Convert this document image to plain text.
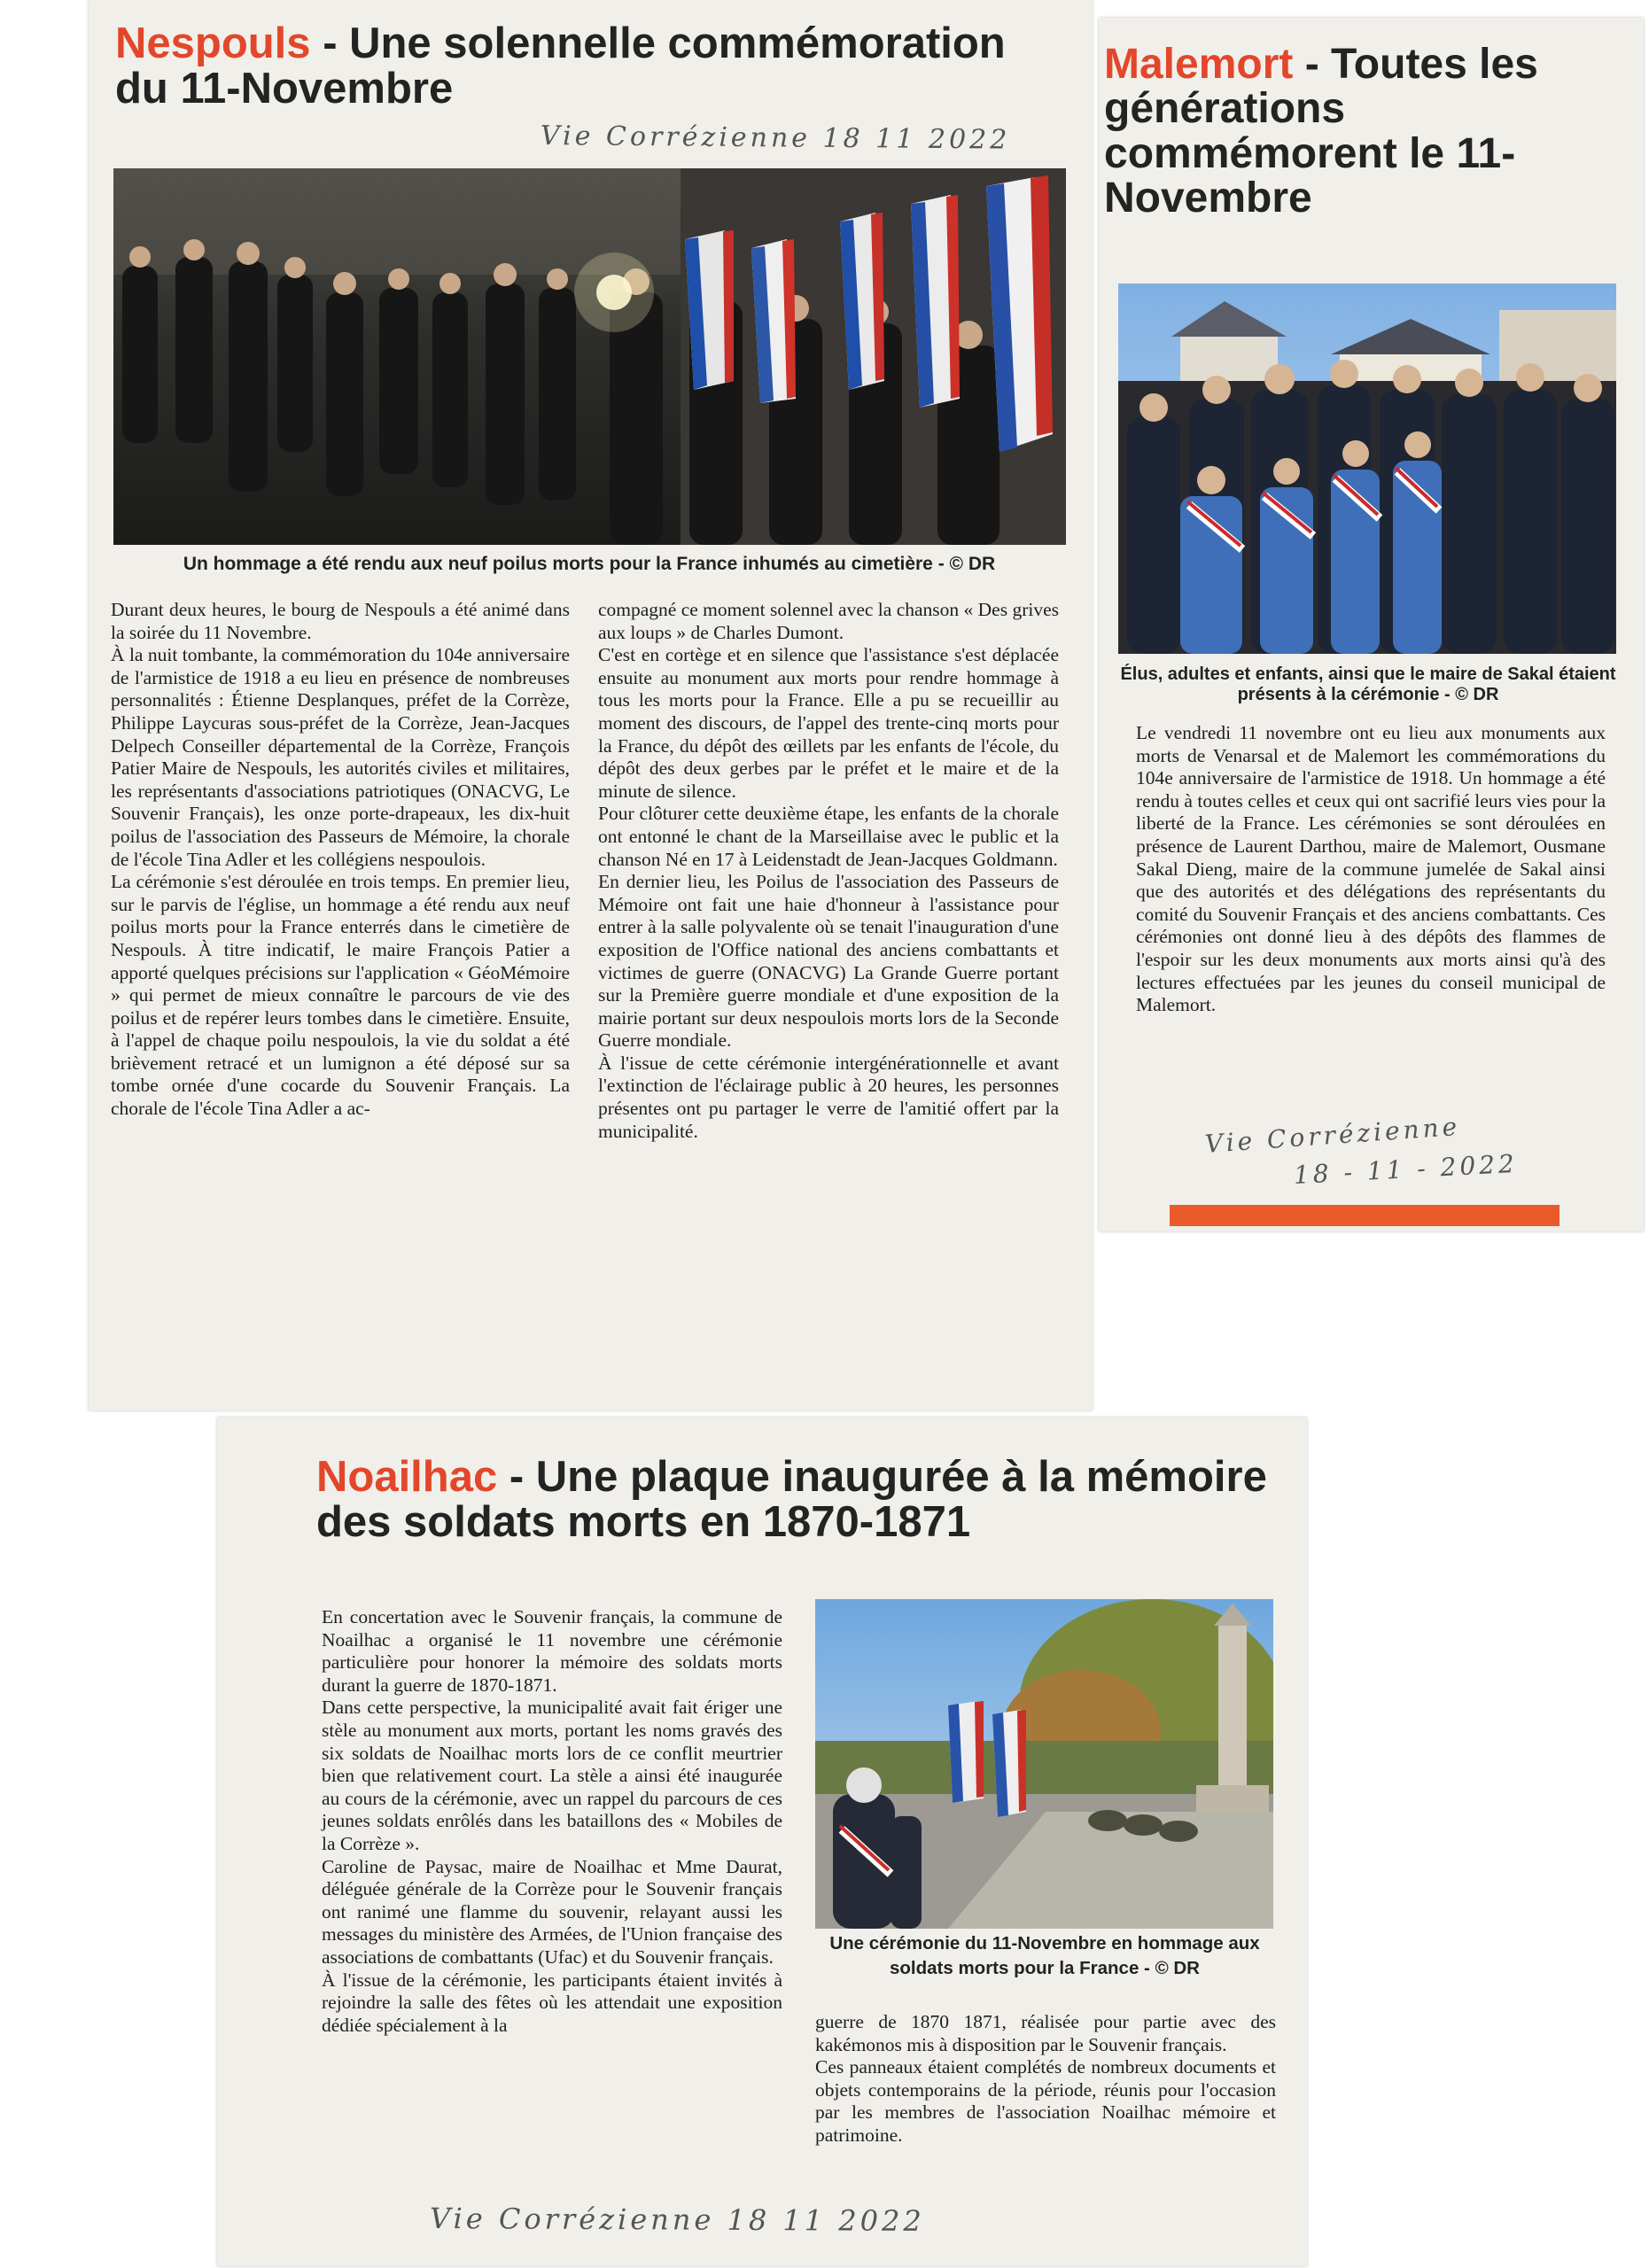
Nespouls - Une solennelle commémoration du 11-Novembre
Vie Corrézienne 18 11 2022

Un hommage a été rendu aux neuf poilus morts pour la France inhumés au cimetière - © DR

Durant deux heures, le bourg de Nespouls a été animé dans la soirée du 11 Novembre.

À la nuit tombante, la commémoration du 104e anniversaire de l'armistice de 1918 a eu lieu en présence de nombreuses personnalités : Étienne Desplanques, préfet de la Corrèze, Philippe Laycuras sous-préfet de la Corrèze, Jean-Jacques Delpech Conseiller départemental de la Corrèze, François Patier Maire de Nespouls, les autorités civiles et militaires, les représentants d'associations patriotiques (ONACVG, Le Souvenir Français), les onze porte-drapeaux, les dix-huit poilus de l'association des Passeurs de Mémoire, la chorale de l'école Tina Adler et les collégiens nespoulois.

La cérémonie s'est déroulée en trois temps. En premier lieu, sur le parvis de l'église, un hommage a été rendu aux neuf poilus morts pour la France enterrés dans le cimetière de Nespouls. À titre indicatif, le maire François Patier a apporté quelques précisions sur l'application « GéoMémoire » qui permet de mieux connaître le parcours de vie des poilus et de repérer leurs tombes dans le cimetière. Ensuite, à l'appel de chaque poilu nespoulois, la vie du soldat a été brièvement retracé et un lumignon a été déposé sur sa tombe ornée d'une cocarde du Souvenir Français. La chorale de l'école Tina Adler a ac-

compagné ce moment solennel avec la chanson « Des grives aux loups » de Charles Dumont.

C'est en cortège et en silence que l'assistance s'est déplacée ensuite au monument aux morts pour rendre hommage à tous les morts pour la France. Elle a pu se recueillir au moment des discours, de l'appel des trente-cinq morts pour la France, du dépôt des œillets par les enfants de l'école, du dépôt des deux gerbes par le préfet et le maire et de la minute de silence.

Pour clôturer cette deuxième étape, les enfants de la chorale ont entonné le chant de la Marseillaise avec le public et la chanson Né en 17 à Leidenstadt de Jean-Jacques Goldmann.

En dernier lieu, les Poilus de l'association des Passeurs de Mémoire ont fait une haie d'honneur à l'assistance pour entrer à la salle polyvalente où se tenait l'inauguration d'une exposition de l'Office national des anciens combattants et victimes de guerre (ONACVG) La Grande Guerre portant sur la Première guerre mondiale et d'une exposition de la mairie portant sur deux nespoulois morts lors de la Seconde Guerre mondiale.

À l'issue de cette cérémonie intergénérationnelle et avant l'extinction de l'éclairage public à 20 heures, les personnes présentes ont pu partager le verre de l'amitié offert par la municipalité.

Malemort - Toutes les générations commémorent le 11-Novembre

Élus, adultes et enfants, ainsi que le maire de Sakal étaient présents à la cérémonie - © DR

Le vendredi 11 novembre ont eu lieu aux monuments aux morts de Venarsal et de Malemort les commémorations du 104e anniversaire de l'armistice de 1918. Un hommage a été rendu à toutes celles et ceux qui ont sacrifié leurs vies pour la liberté de la France. Les cérémonies se sont déroulées en présence de Laurent Darthou, maire de Malemort, Ousmane Sakal Dieng, maire de la commune jumelée de Sakal ainsi que des autorités et des délégations des représentants du comité du Souvenir Français et des anciens combattants. Ces cérémonies ont donné lieu à des dépôts des flammes de l'espoir sur les deux monuments aux morts ainsi qu'à des lectures effectuées par les jeunes du conseil municipal de Malemort.

Vie Corrézienne
18 - 11 - 2022
Noailhac - Une plaque inaugurée à la mémoire des soldats morts en 1870-1871

En concertation avec le Souvenir français, la commune de Noailhac a organisé le 11 novembre une cérémonie particulière pour honorer la mémoire des soldats morts durant la guerre de 1870-1871.

Dans cette perspective, la municipalité avait fait ériger une stèle au monument aux morts, portant les noms gravés des six soldats de Noailhac morts lors de ce conflit meurtrier bien que relativement court. La stèle a ainsi été inaugurée au cours de la cérémonie, avec un rappel du parcours de ces jeunes soldats enrôlés dans les bataillons des « Mobiles de la Corrèze ».

Caroline de Paysac, maire de Noailhac et Mme Daurat, déléguée générale de la Corrèze pour le Souvenir français ont ranimé une flamme du souvenir, relayant aussi les messages du ministère des Armées, de l'Union française des associations de combattants (Ufac) et du Souvenir français.

À l'issue de la cérémonie, les participants étaient invités à rejoindre la salle des fêtes où les attendait une exposition dédiée spécialement à la

Une cérémonie du 11-Novembre en hommage aux soldats morts pour la France - © DR

guerre de 1870 1871, réalisée pour partie avec des kakémonos mis à disposition par le Souvenir français.

Ces panneaux étaient complétés de nombreux documents et objets contemporains de la période, réunis pour l'occasion par les membres de l'association Noailhac mémoire et patrimoine.

Vie Corrézienne 18 11 2022
